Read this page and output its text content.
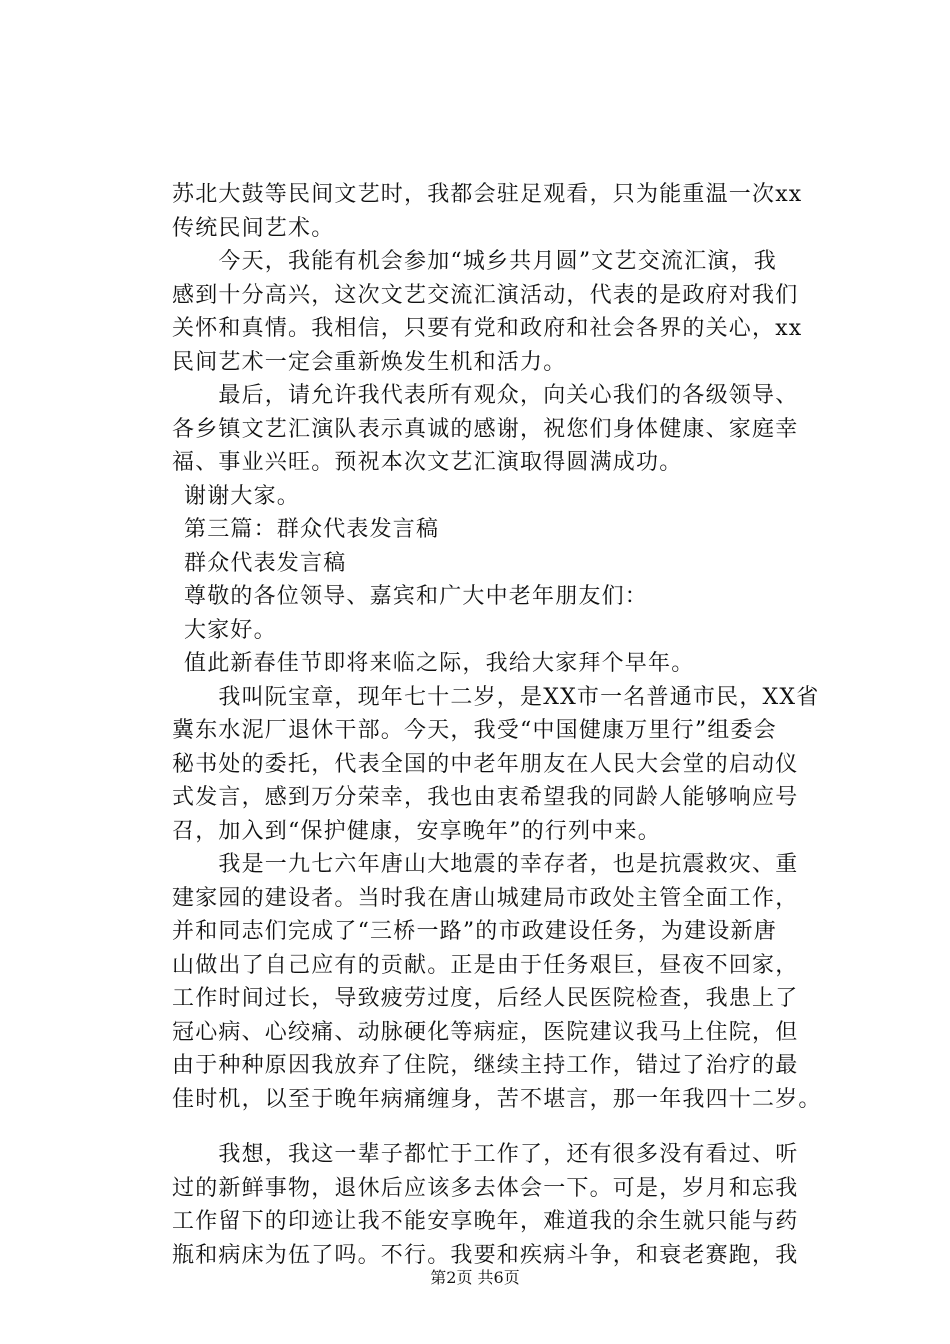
苏北大鼓等民间文艺时，我都会驻足观看，只为能重温一次xx
传统民间艺术。
　　今天，我能有机会参加“城乡共月圆”文艺交流汇演，我
感到十分高兴，这次文艺交流汇演活动，代表的是政府对我们
关怀和真情。我相信，只要有党和政府和社会各界的关心，xx
民间艺术一定会重新焕发生机和活力。
　　最后，请允许我代表所有观众，向关心我们的各级领导、
各乡镇文艺汇演队表示真诚的感谢，祝您们身体健康、家庭幸
福、事业兴旺。预祝本次文艺汇演取得圆满成功。
谢谢大家。
第三篇：群众代表发言稿
群众代表发言稿
尊敬的各位领导、嘉宾和广大中老年朋友们：
大家好。
值此新春佳节即将来临之际，我给大家拜个早年。
　　我叫阮宝章，现年七十二岁，是XX市一名普通市民，XX省
冀东水泥厂退休干部。今天，我受“中国健康万里行”组委会
秘书处的委托，代表全国的中老年朋友在人民大会堂的启动仪
式发言，感到万分荣幸，我也由衷希望我的同龄人能够响应号
召，加入到“保护健康，安享晚年”的行列中来。
　　我是一九七六年唐山大地震的幸存者，也是抗震救灾、重
建家园的建设者。当时我在唐山城建局市政处主管全面工作，
并和同志们完成了“三桥一路”的市政建设任务，为建设新唐
山做出了自己应有的贡献。正是由于任务艰巨，昼夜不回家，
工作时间过长，导致疲劳过度，后经人民医院检查，我患上了
冠心病、心绞痛、动脉硬化等病症，医院建议我马上住院，但
由于种种原因我放弃了住院，继续主持工作，错过了治疗的最
佳时机，以至于晚年病痛缠身，苦不堪言，那一年我四十二岁。
　　我想，我这一辈子都忙于工作了，还有很多没有看过、听
过的新鲜事物，退休后应该多去体会一下。可是，岁月和忘我
工作留下的印迹让我不能安享晚年，难道我的余生就只能与药
瓶和病床为伍了吗。不行。我要和疾病斗争，和衰老赛跑，我
第2页 共6页
